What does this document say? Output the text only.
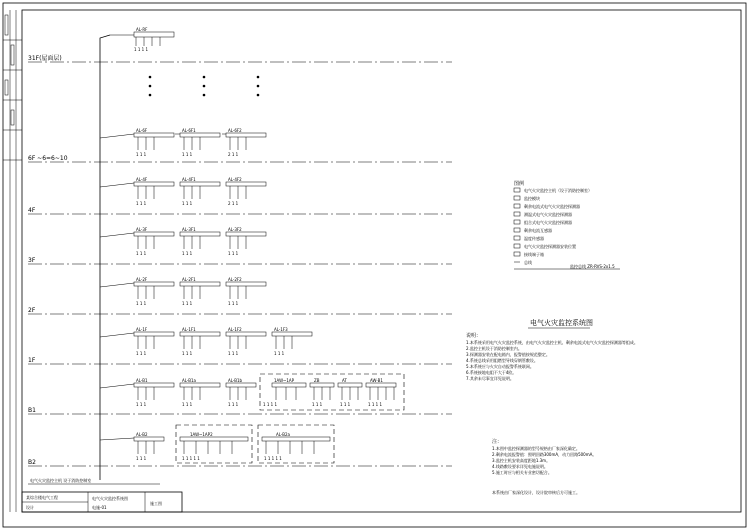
31F(屋面层)
6F ~6=6~10
4F
3F
2F
1F
B1
B2
AL-RF
1 1 1 1
AL-6F
1 1 1
AL-6F1
1 1 1
AL-6F2
2 1 1
AL-4F
1 1 1
AL-4F1
1 1 1
AL-4F2
2 1 1
AL-3F
1 1 1
AL-3F1
1 1 1
AL-3F2
1 1 1
AL-2F
1 1 1
AL-2F1
1 1 1
AL-2F2
1 1 1
AL-1F
1 1 1
AL-1F1
1 1 1
AL-1F2
1 1 1
AL-1F3
1 1 1
AL-B1
1 1 1
AL-B1a
1 1 1
AL-B1b
1 1 1
1AW~1AP
1 1 1 1
ZB
1 1 1
AT
1 1 1
AW-B1
1 1 1 1
AL-B2
1 1 1
1AW~1AP2
1 1 1 1 1
AL-B2a
1 1 1 1 1
电气火灾监控主机 设于消防控制室
某综合楼电气工程
设计
电气火灾监控系统图
电施-01
施工图
图例
电气火灾监控主机（设于消防控制室）
监控模块
剩余电流式电气火灾监控探测器
测温式电气火灾监控探测器
组合式电气火灾监控探测器
剩余电流互感器
温度传感器
电气火灾监控探测器安装位置
接线端子箱
总线
监控总线 ZR-RVS-2x1.5
电气火灾监控系统图
说明：
1.本系统采用电气火灾监控系统，由电气火灾监控主机、剩余电流式电气火灾监控探测器等组成。
2.监控主机设于消防控制室内。
3.探测器安装在配电箱内，报警值按规范整定。
4.系统总线采用阻燃型导线穿钢管敷设。
5.本系统应与火灾自动报警系统联网。
6.系统接地电阻不大于4欧。
7.其余未尽事宜详见说明。
注：
1.本图中监控探测器的型号规格由厂家深化确定。
2.剩余电流报警值：照明回路300mA，动力回路500mA。
3.监控主机安装高度距地1.3m。
4.线路敷设要求详见电施说明。
5.施工时应与相关专业密切配合。
本系统由厂家深化设计，设计院审核后方可施工。
